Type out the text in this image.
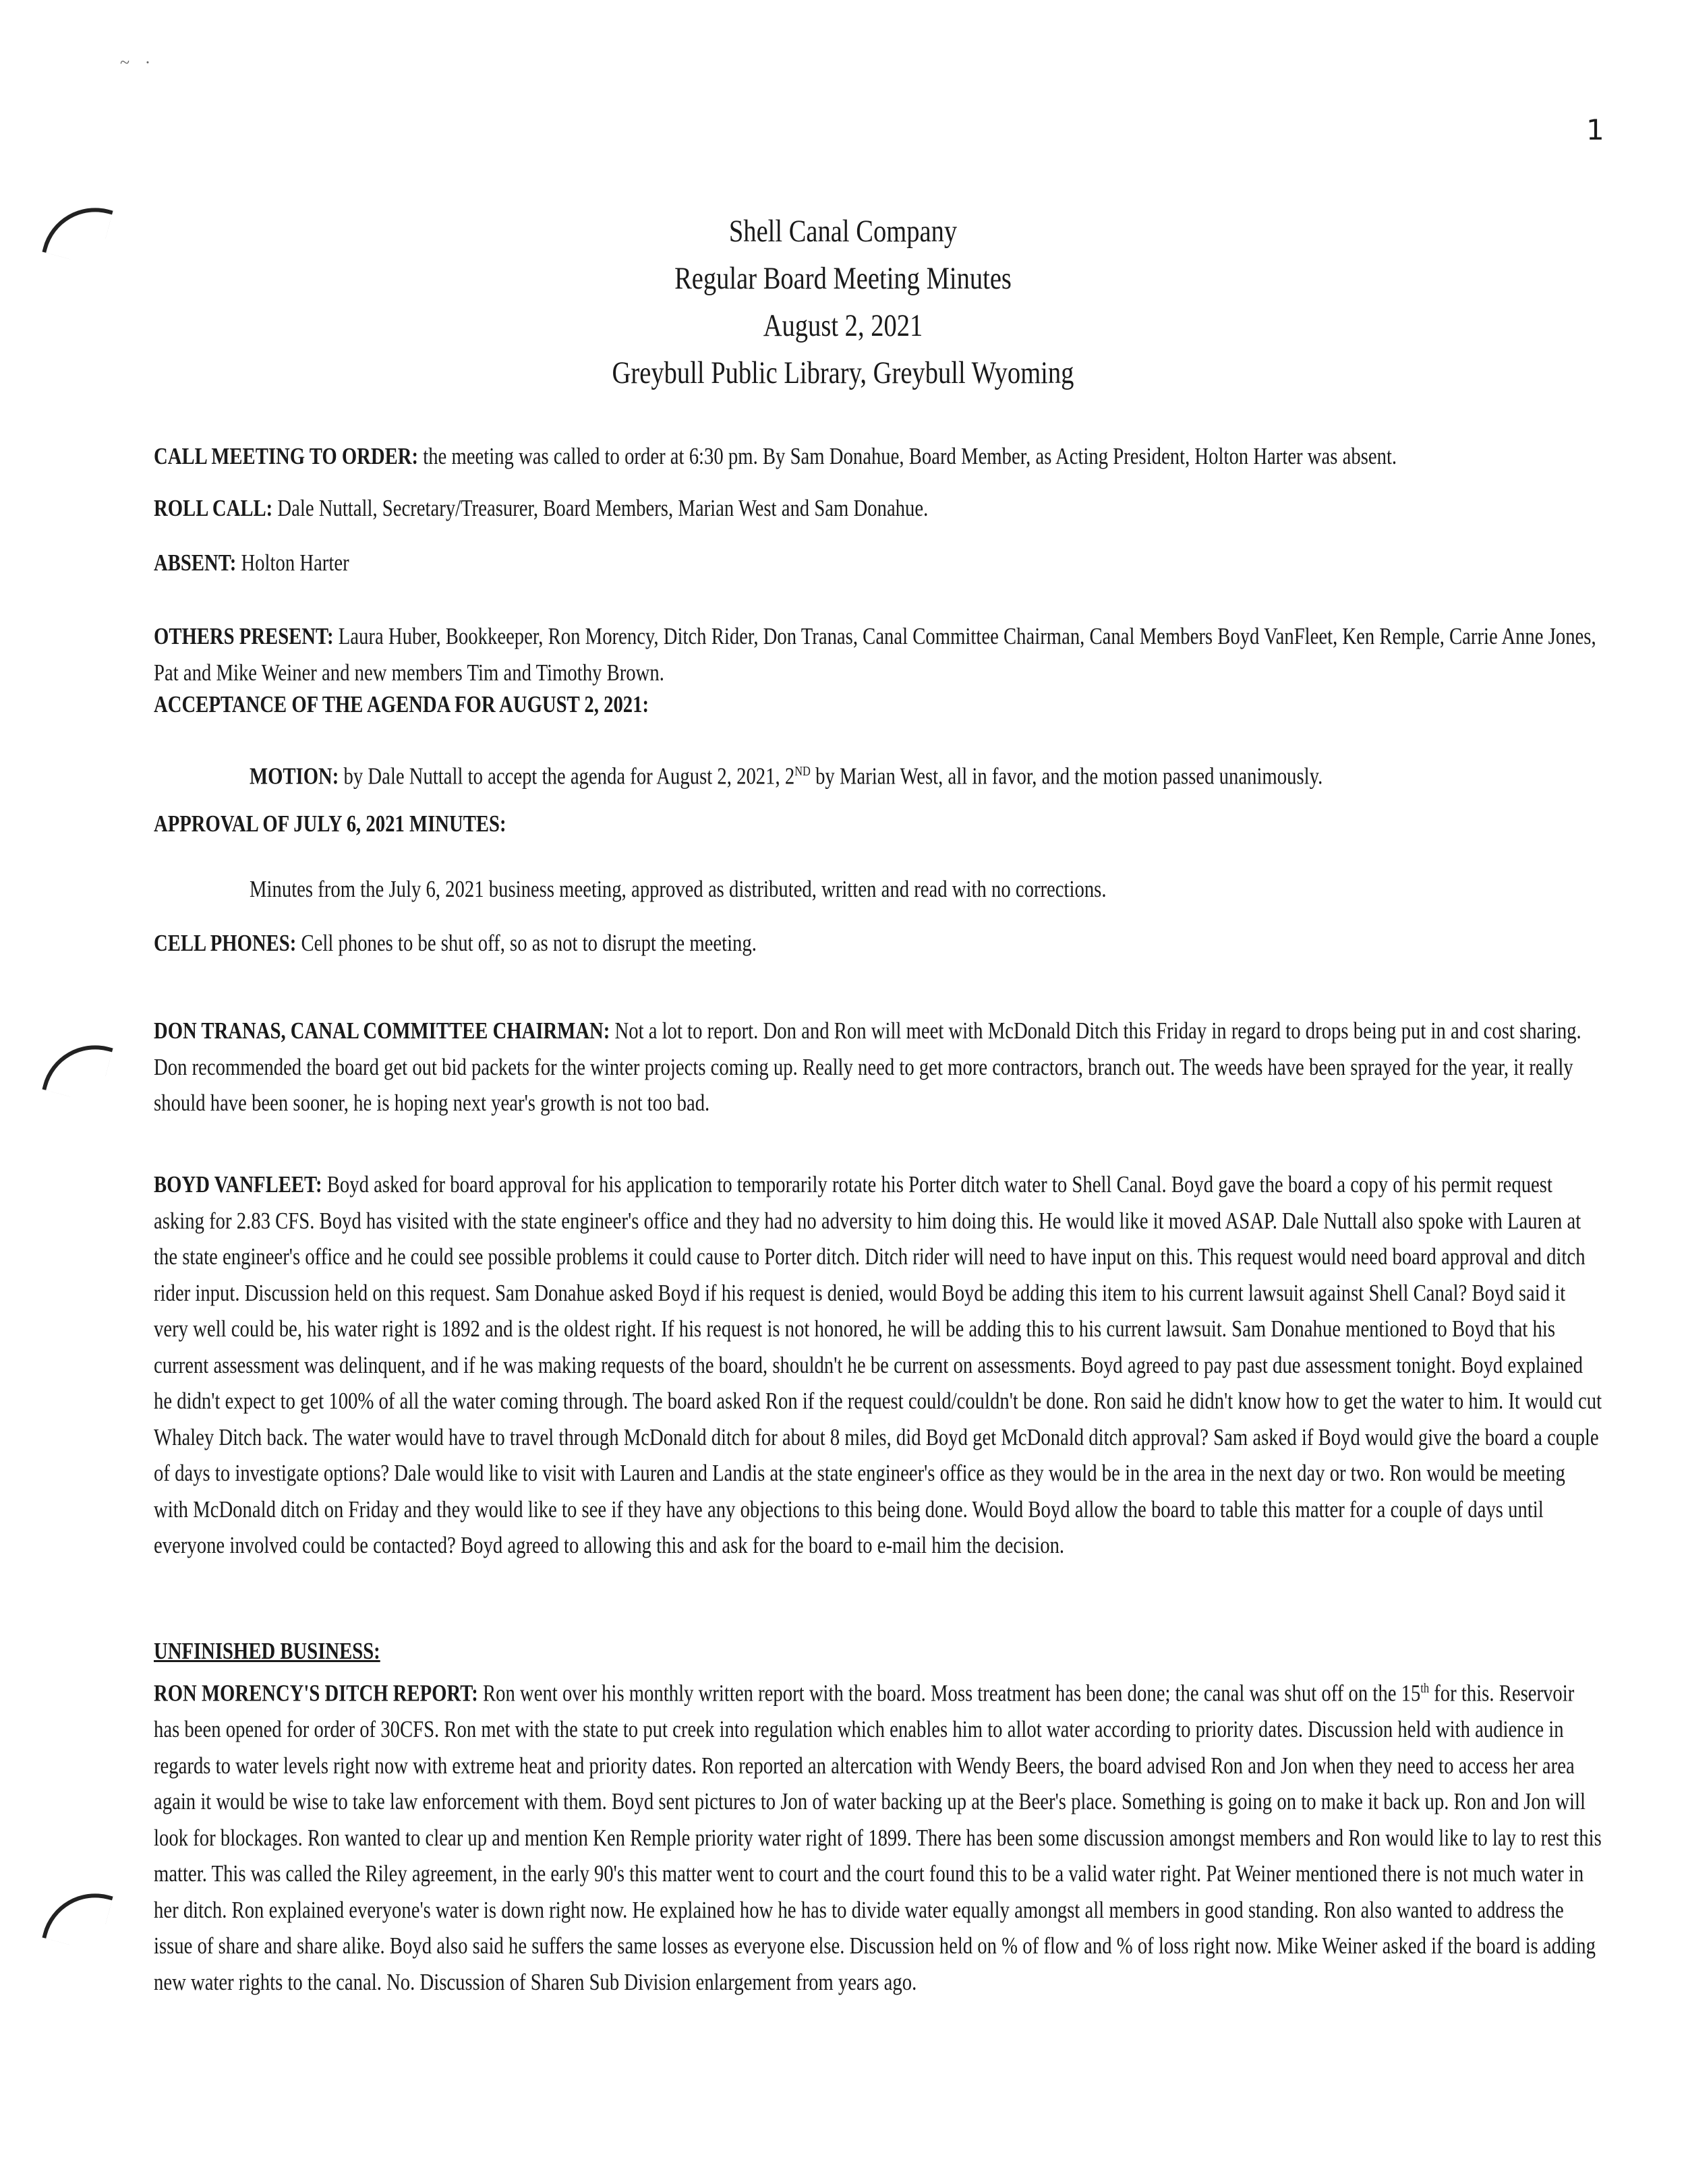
~ ·
1
Shell Canal Company
Regular Board Meeting Minutes
August 2, 2021
Greybull Public Library, Greybull Wyoming

CALL MEETING TO ORDER: the meeting was called to order at 6:30 pm. By Sam Donahue, Board Member, as Acting President, Holton Harter was absent.

ROLL CALL: Dale Nuttall, Secretary/Treasurer, Board Members, Marian West and Sam Donahue.

ABSENT: Holton Harter

OTHERS PRESENT: Laura Huber, Bookkeeper, Ron Morency, Ditch Rider, Don Tranas, Canal Committee Chairman, Canal Members Boyd VanFleet, Ken Remple, Carrie Anne Jones, Pat and Mike Weiner and new members Tim and Timothy Brown.

ACCEPTANCE OF THE AGENDA FOR AUGUST 2, 2021:

MOTION: by Dale Nuttall to accept the agenda for August 2, 2021, 2ND by Marian West, all in favor, and the motion passed unanimously.

APPROVAL OF JULY 6, 2021 MINUTES:

Minutes from the July 6, 2021 business meeting, approved as distributed, written and read with no corrections.

CELL PHONES: Cell phones to be shut off, so as not to disrupt the meeting.

DON TRANAS, CANAL COMMITTEE CHAIRMAN: Not a lot to report. Don and Ron will meet with McDonald Ditch this Friday in regard to drops being put in and cost sharing. Don recommended the board get out bid packets for the winter projects coming up. Really need to get more contractors, branch out. The weeds have been sprayed for the year, it really should have been sooner, he is hoping next year's growth is not too bad.

BOYD VANFLEET: Boyd asked for board approval for his application to temporarily rotate his Porter ditch water to Shell Canal. Boyd gave the board a copy of his permit request asking for 2.83 CFS. Boyd has visited with the state engineer's office and they had no adversity to him doing this. He would like it moved ASAP. Dale Nuttall also spoke with Lauren at the state engineer's office and he could see possible problems it could cause to Porter ditch. Ditch rider will need to have input on this. This request would need board approval and ditch rider input. Discussion held on this request. Sam Donahue asked Boyd if his request is denied, would Boyd be adding this item to his current lawsuit against Shell Canal? Boyd said it very well could be, his water right is 1892 and is the oldest right. If his request is not honored, he will be adding this to his current lawsuit. Sam Donahue mentioned to Boyd that his current assessment was delinquent, and if he was making requests of the board, shouldn't he be current on assessments. Boyd agreed to pay past due assessment tonight. Boyd explained he didn't expect to get 100% of all the water coming through. The board asked Ron if the request could/couldn't be done. Ron said he didn't know how to get the water to him. It would cut Whaley Ditch back. The water would have to travel through McDonald ditch for about 8 miles, did Boyd get McDonald ditch approval? Sam asked if Boyd would give the board a couple of days to investigate options? Dale would like to visit with Lauren and Landis at the state engineer's office as they would be in the area in the next day or two. Ron would be meeting with McDonald ditch on Friday and they would like to see if they have any objections to this being done. Would Boyd allow the board to table this matter for a couple of days until everyone involved could be contacted? Boyd agreed to allowing this and ask for the board to e-mail him the decision.

UNFINISHED BUSINESS:

RON MORENCY'S DITCH REPORT: Ron went over his monthly written report with the board. Moss treatment has been done; the canal was shut off on the 15th for this. Reservoir has been opened for order of 30CFS. Ron met with the state to put creek into regulation which enables him to allot water according to priority dates. Discussion held with audience in regards to water levels right now with extreme heat and priority dates. Ron reported an altercation with Wendy Beers, the board advised Ron and Jon when they need to access her area again it would be wise to take law enforcement with them. Boyd sent pictures to Jon of water backing up at the Beer's place. Something is going on to make it back up. Ron and Jon will look for blockages. Ron wanted to clear up and mention Ken Remple priority water right of 1899. There has been some discussion amongst members and Ron would like to lay to rest this matter. This was called the Riley agreement, in the early 90's this matter went to court and the court found this to be a valid water right. Pat Weiner mentioned there is not much water in her ditch. Ron explained everyone's water is down right now. He explained how he has to divide water equally amongst all members in good standing. Ron also wanted to address the issue of share and share alike. Boyd also said he suffers the same losses as everyone else. Discussion held on % of flow and % of loss right now. Mike Weiner asked if the board is adding new water rights to the canal. No. Discussion of Sharen Sub Division enlargement from years ago.
